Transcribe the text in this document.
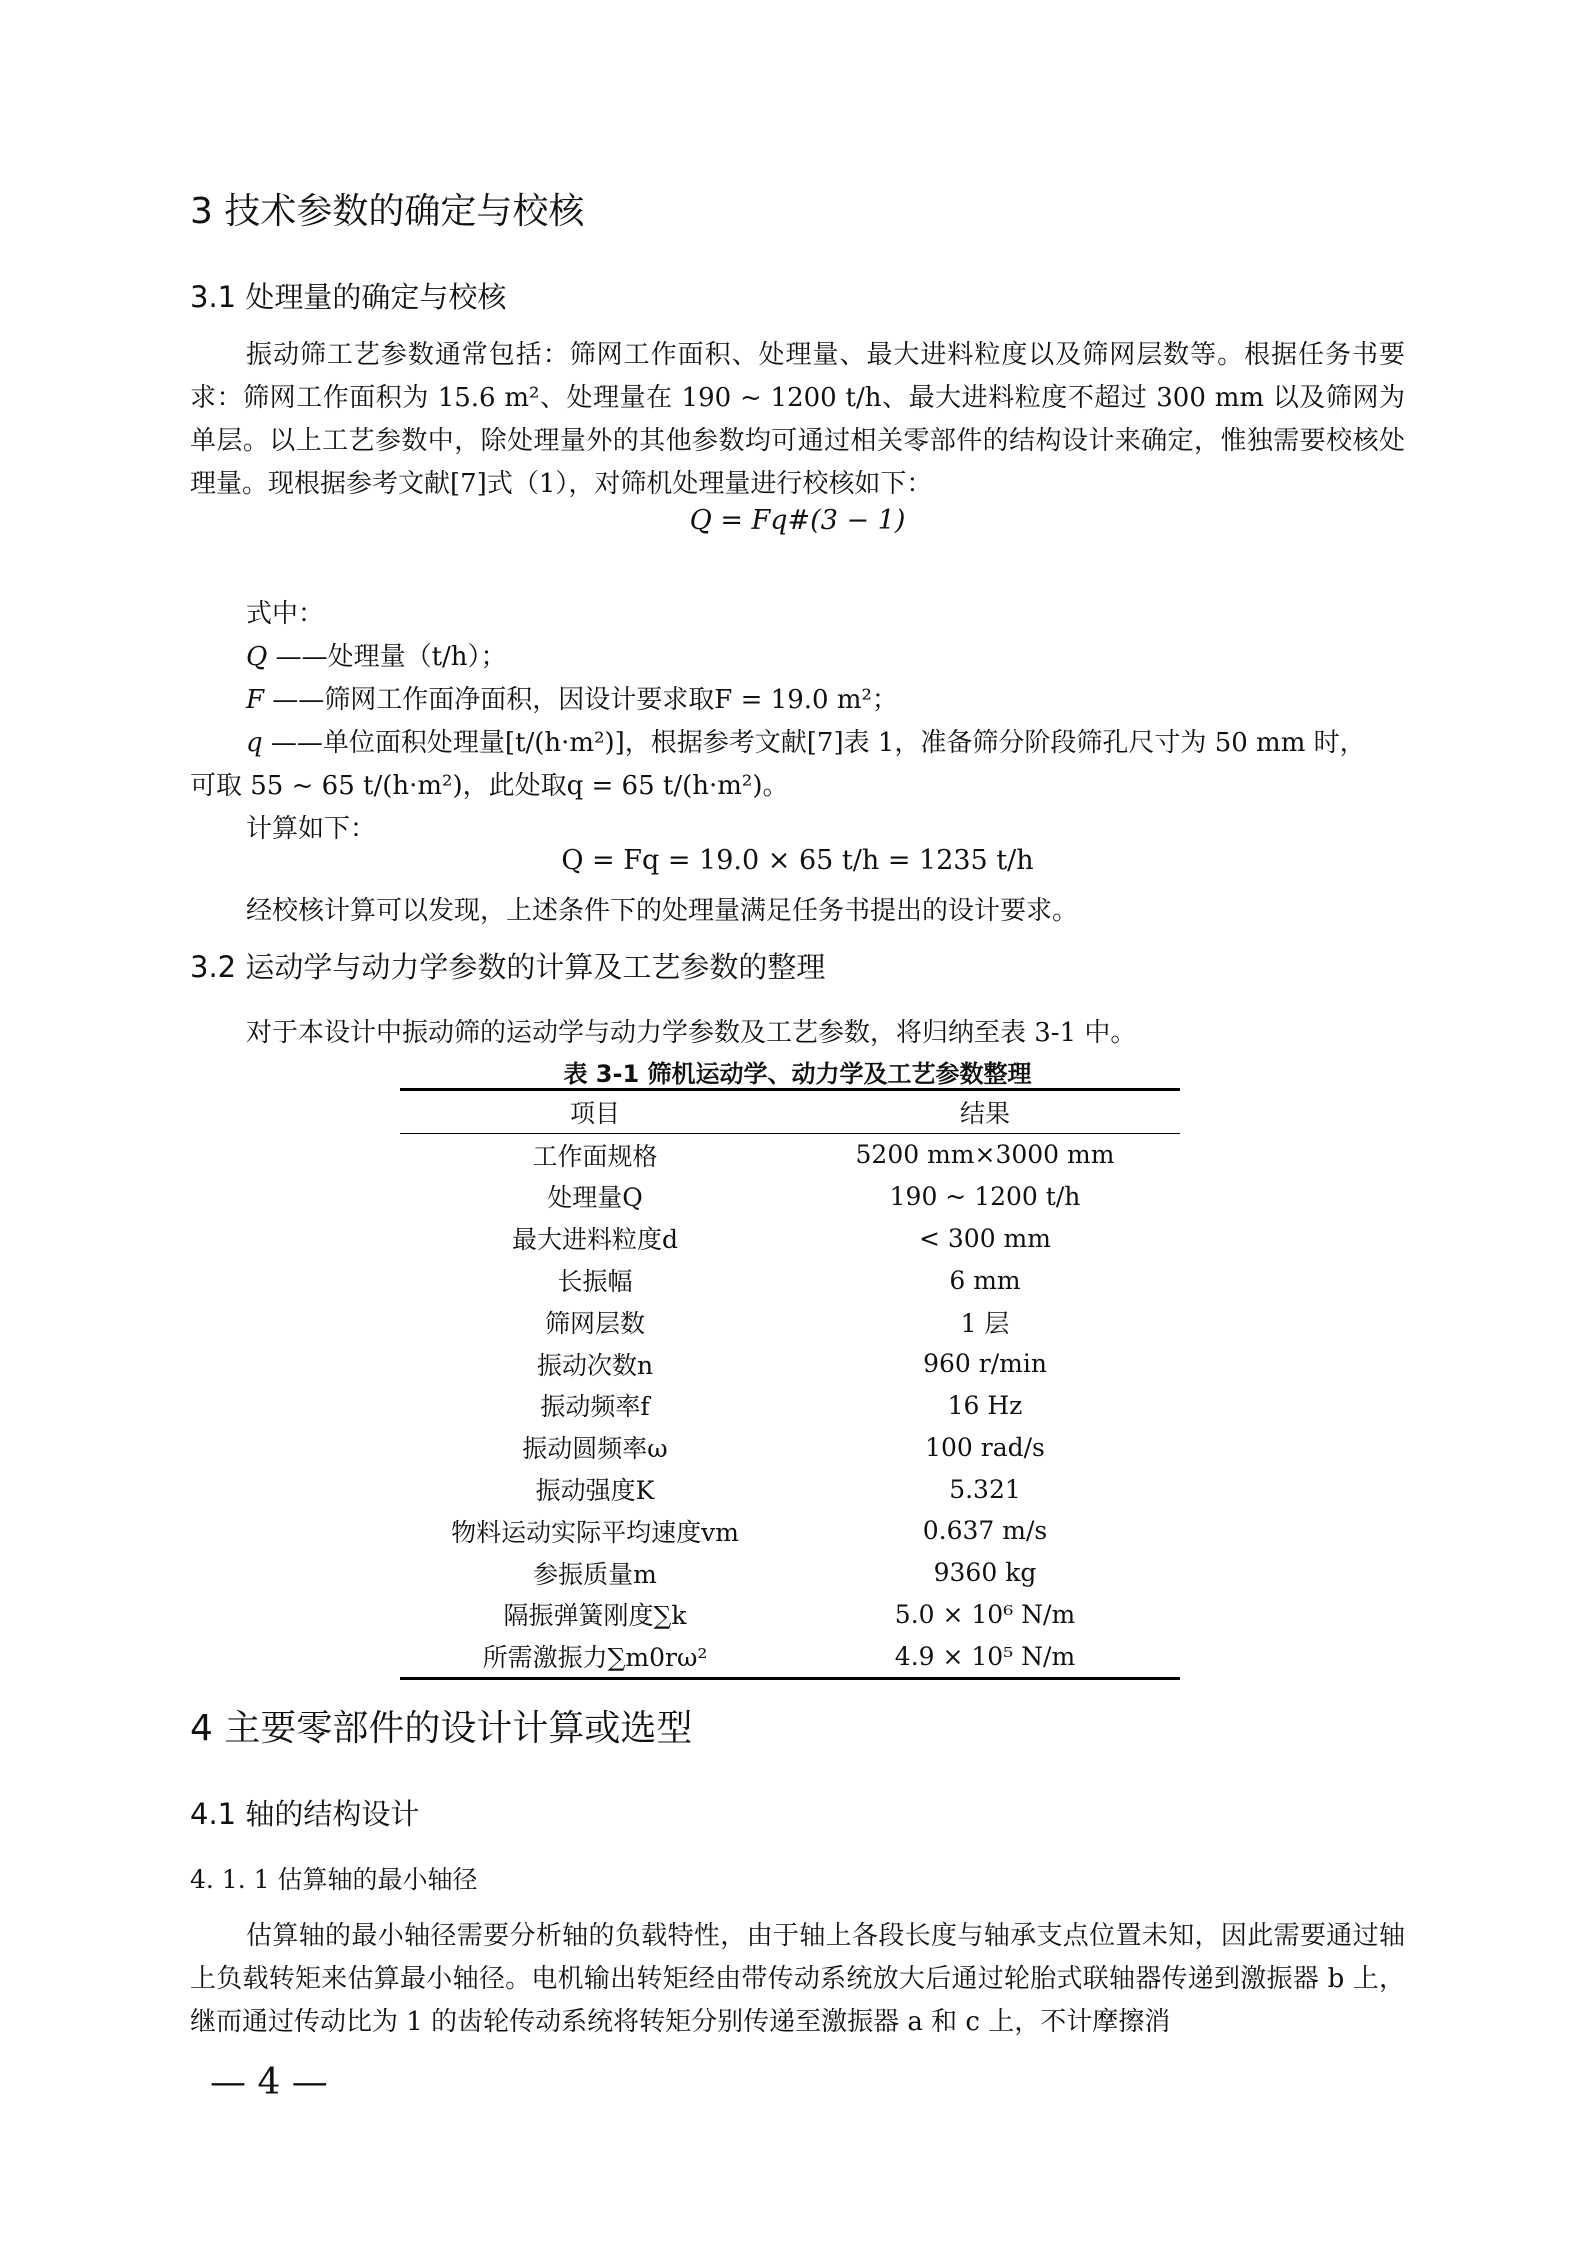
3 技术参数的确定与校核
3.1 处理量的确定与校核
振动筛工艺参数通常包括：筛网工作面积、处理量、最大进料粒度以及筛网层数等。根据任务书要求：筛网工作面积为 15.6 m²、处理量在 190 ~ 1200 t/h、最大进料粒度不超过 300 mm 以及筛网为单层。以上工艺参数中，除处理量外的其他参数均可通过相关零部件的结构设计来确定，惟独需要校核处理量。现根据参考文献[7]式（1），对筛机处理量进行校核如下：
Q = Fq#(3 − 1)
式中：
Q ——处理量（t/h）；
F ——筛网工作面净面积，因设计要求取F = 19.0 m²；
q ——单位面积处理量[t/(h·m²)]，根据参考文献[7]表 1，准备筛分阶段筛孔尺寸为 50 mm 时，
可取 55 ~ 65 t/(h·m²)，此处取q = 65 t/(h·m²)。
计算如下：
Q = Fq = 19.0 × 65 t/h = 1235 t/h
经校核计算可以发现，上述条件下的处理量满足任务书提出的设计要求。
3.2 运动学与动力学参数的计算及工艺参数的整理
对于本设计中振动筛的运动学与动力学参数及工艺参数，将归纳至表 3-1 中。
表 3-1 筛机运动学、动力学及工艺参数整理
项目	结果
工作面规格	5200 mm×3000 mm
处理量Q	190 ~ 1200 t/h
最大进料粒度d	< 300 mm
长振幅	6 mm
筛网层数	1 层
振动次数n	960 r/min
振动频率f	16 Hz
振动圆频率ω	100 rad/s
振动强度K	5.321
物料运动实际平均速度vm	0.637 m/s
参振质量m	9360 kg
隔振弹簧刚度∑k	5.0 × 10⁶ N/m
所需激振力∑m0rω²	4.9 × 10⁵ N/m
4 主要零部件的设计计算或选型
4.1 轴的结构设计
4. 1. 1 估算轴的最小轴径
估算轴的最小轴径需要分析轴的负载特性，由于轴上各段长度与轴承支点位置未知，因此需要通过轴上负载转矩来估算最小轴径。电机输出转矩经由带传动系统放大后通过轮胎式联轴器传递到激振器 b 上，继而通过传动比为 1 的齿轮传动系统将转矩分别传递至激振器 a 和 c 上，不计摩擦消
— 4 —
